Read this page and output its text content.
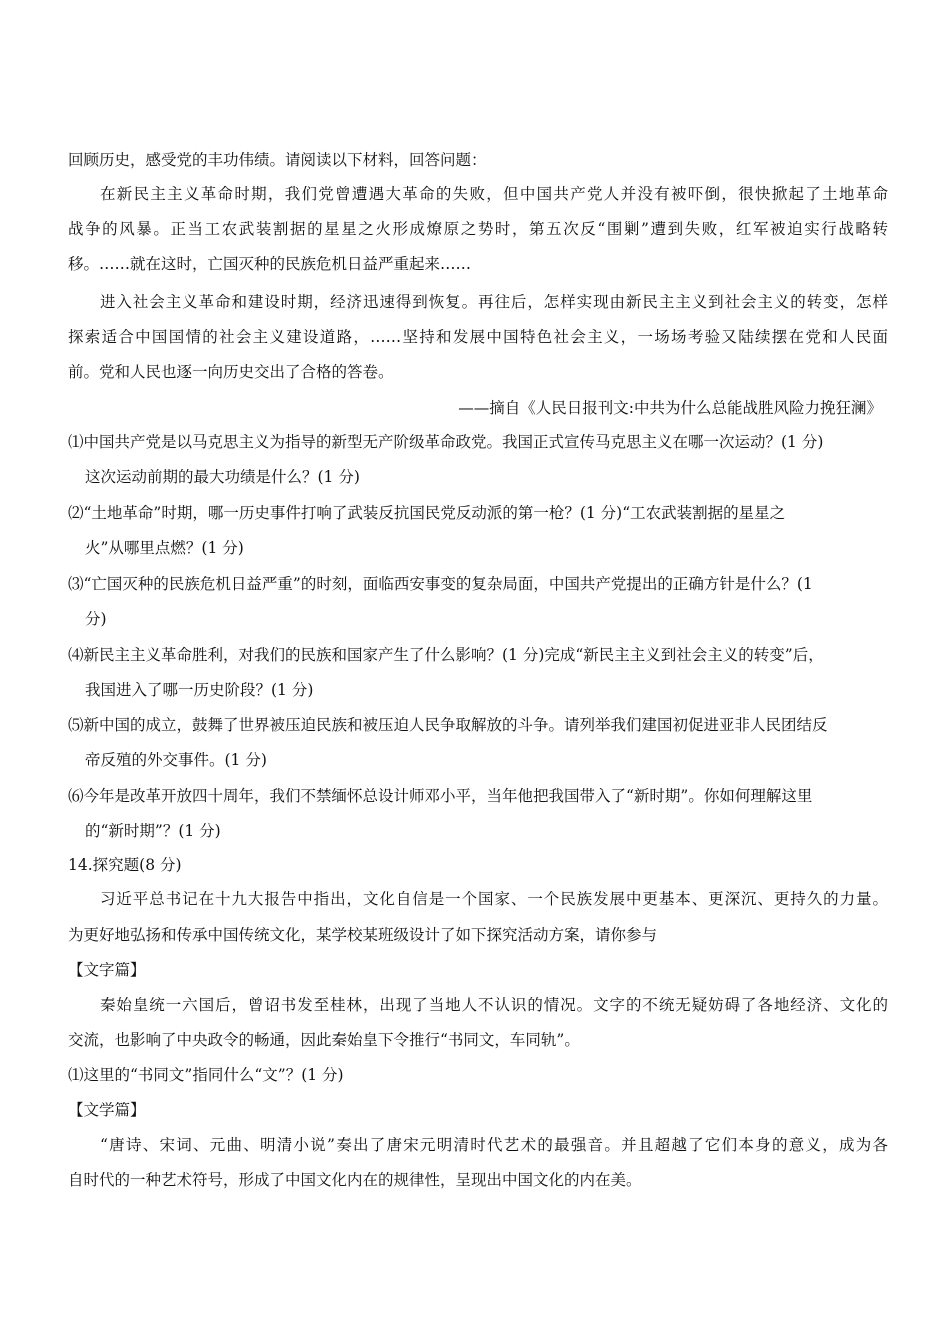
回顾历史，感受党的丰功伟绩。请阅读以下材料，回答问题：
在新民主主义革命时期，我们党曾遭遇大革命的失败，但中国共产党人并没有被吓倒，很快掀起了土地革命
战争的风暴。正当工农武装割据的星星之火形成燎原之势时，第五次反“围剿”遭到失败，红军被迫实行战略转
移。……就在这时，亡国灭种的民族危机日益严重起来……
进入社会主义革命和建设时期，经济迅速得到恢复。再往后，怎样实现由新民主主义到社会主义的转变，怎样
探索适合中国国情的社会主义建设道路，……坚持和发展中国特色社会主义，一场场考验又陆续摆在党和人民面
前。党和人民也逐一向历史交出了合格的答卷。
——摘自《人民日报刊文:中共为什么总能战胜风险力挽狂澜》
⑴中国共产党是以马克思主义为指导的新型无产阶级革命政党。我国正式宣传马克思主义在哪一次运动？(1 分)
这次运动前期的最大功绩是什么？(1 分)
⑵“土地革命”时期，哪一历史事件打响了武装反抗国民党反动派的第一枪？(1 分)“工农武装割据的星星之
火”从哪里点燃？(1 分)
⑶“亡国灭种的民族危机日益严重”的时刻，面临西安事变的复杂局面，中国共产党提出的正确方针是什么？(1
分)
⑷新民主主义革命胜利，对我们的民族和国家产生了什么影响？(1 分)完成“新民主主义到社会主义的转变”后，
我国进入了哪一历史阶段？(1 分)
⑸新中国的成立，鼓舞了世界被压迫民族和被压迫人民争取解放的斗争。请列举我们建国初促进亚非人民团结反
帝反殖的外交事件。(1 分)
⑹今年是改革开放四十周年，我们不禁缅怀总设计师邓小平，当年他把我国带入了“新时期”。你如何理解这里
的“新时期”？(1 分)
14.探究题(8 分)
习近平总书记在十九大报告中指出，文化自信是一个国家、一个民族发展中更基本、更深沉、更持久的力量。
为更好地弘扬和传承中国传统文化，某学校某班级设计了如下探究活动方案，请你参与
【文字篇】
秦始皇统一六国后，曾诏书发至桂林，出现了当地人不认识的情况。文字的不统无疑妨碍了各地经济、文化的
交流，也影响了中央政令的畅通，因此秦始皇下令推行“书同文，车同轨”。
⑴这里的“书同文”指同什么“文”？(1 分)
【文学篇】
“唐诗、宋词、元曲、明清小说”奏出了唐宋元明清时代艺术的最强音。并且超越了它们本身的意义，成为各
自时代的一种艺术符号，形成了中国文化内在的规律性，呈现出中国文化的内在美。
